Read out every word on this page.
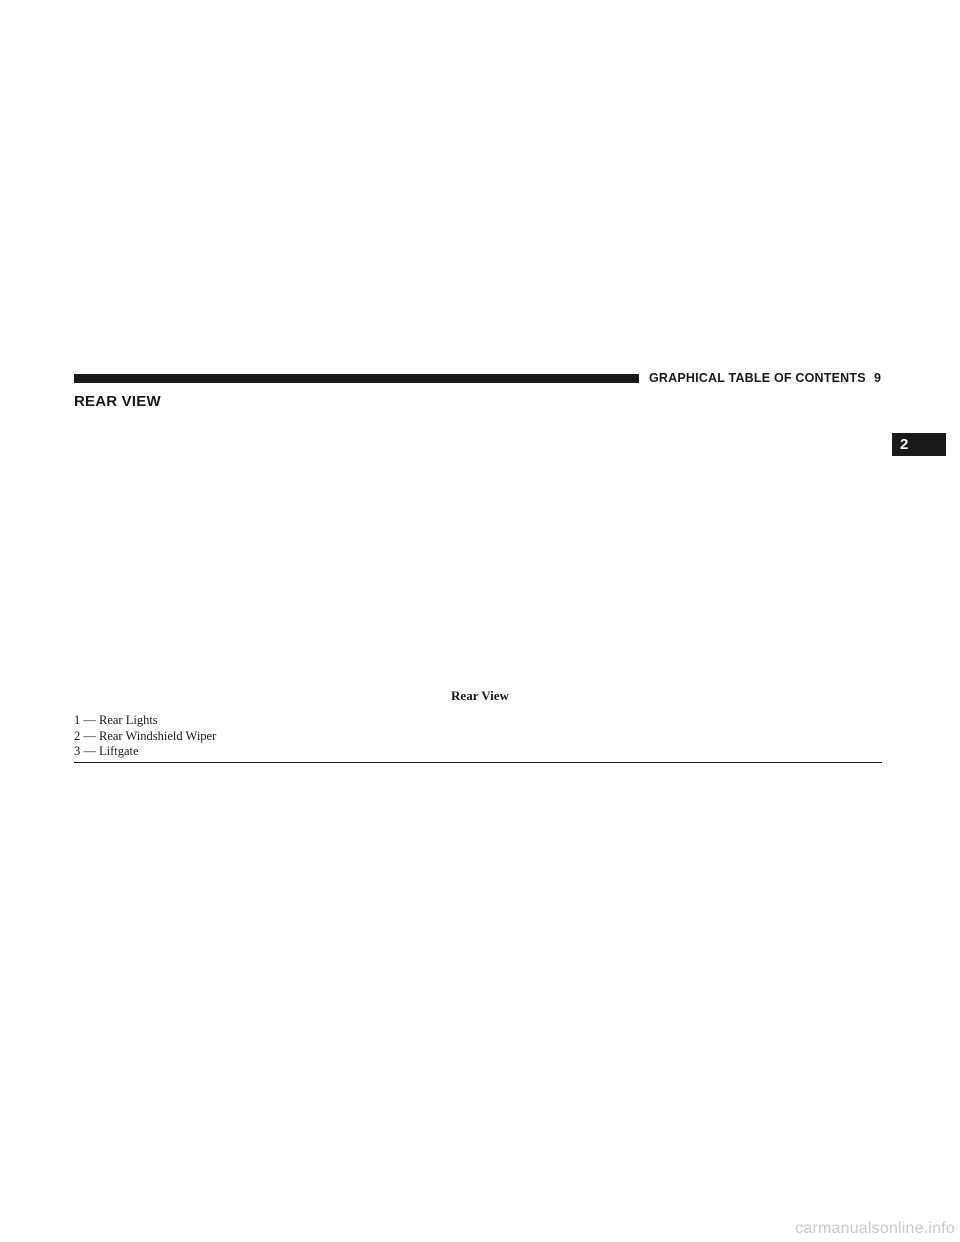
GRAPHICAL TABLE OF CONTENTS 9
REAR VIEW
2
Rear View
1 — Rear Lights
2 — Rear Windshield Wiper
3 — Liftgate
carmanualsonline.info
